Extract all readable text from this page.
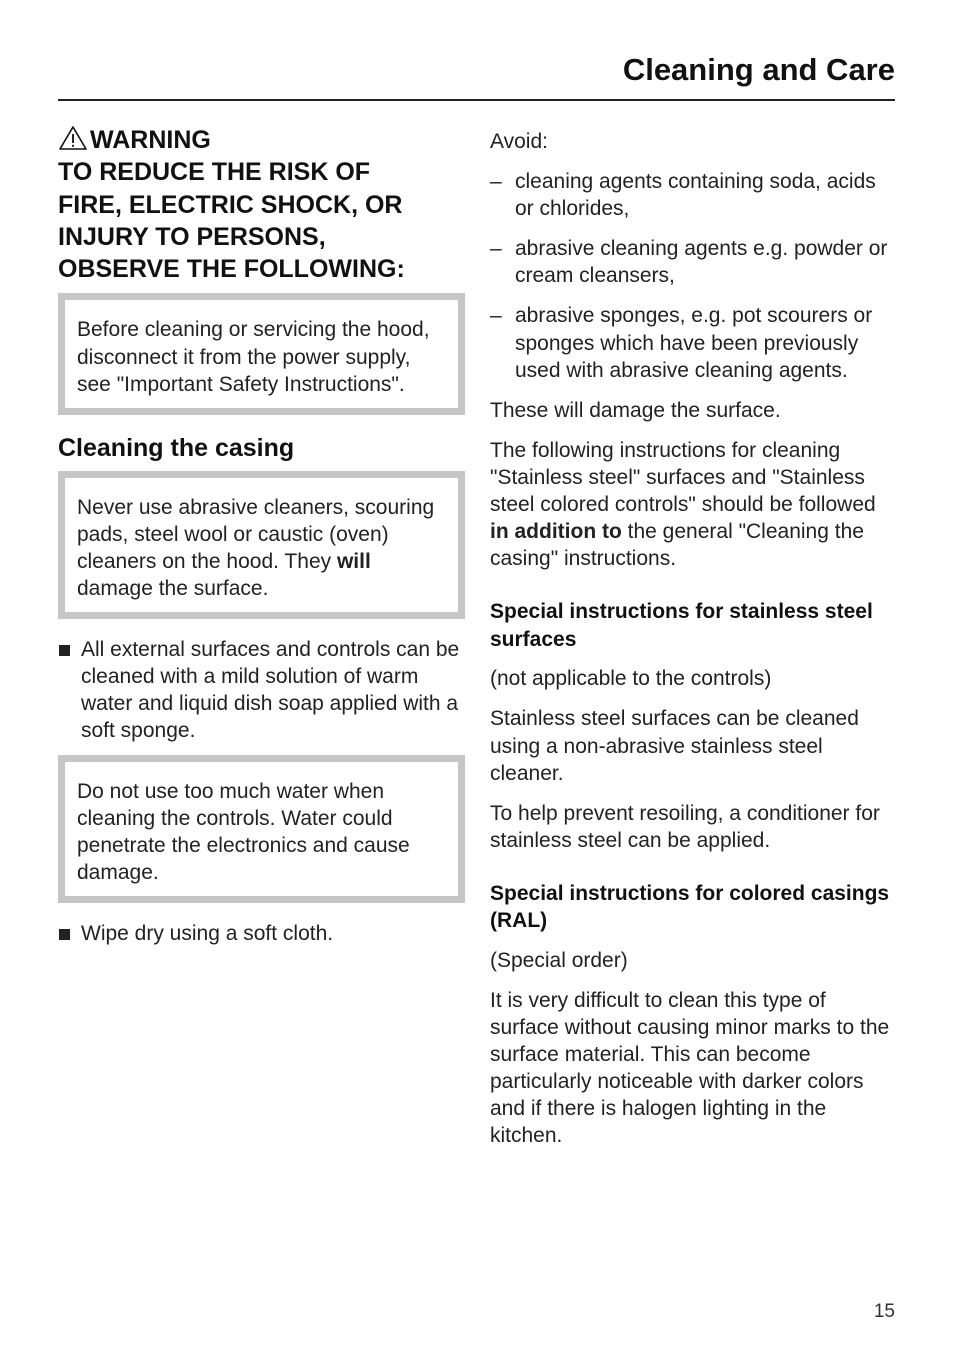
Cleaning and Care
WARNING
TO REDUCE THE RISK OF
FIRE, ELECTRIC SHOCK, OR
INJURY TO PERSONS,
OBSERVE THE FOLLOWING:

Before cleaning or servicing the hood, disconnect it from the power supply, see "Important Safety Instructions".

Cleaning the casing

Never use abrasive cleaners, scouring pads, steel wool or caustic (oven) cleaners on the hood. They will damage the surface.

All external surfaces and controls can be cleaned with a mild solution of warm water and liquid dish soap applied with a soft sponge.

Do not use too much water when cleaning the controls. Water could penetrate the electronics and cause damage.

Wipe dry using a soft cloth.

Avoid:

– cleaning agents containing soda, acids or chlorides,
– abrasive cleaning agents e.g. powder or cream cleansers,
– abrasive sponges, e.g. pot scourers or sponges which have been previously used with abrasive cleaning agents.

These will damage the surface.

The following instructions for cleaning "Stainless steel" surfaces and "Stainless steel colored controls" should be followed in addition to the general "Cleaning the casing" instructions.

Special instructions for stainless steel surfaces

(not applicable to the controls)

Stainless steel surfaces can be cleaned using a non-abrasive stainless steel cleaner.

To help prevent resoiling, a conditioner for stainless steel can be applied.

Special instructions for colored casings (RAL)

(Special order)

It is very difficult to clean this type of surface without causing minor marks to the surface material. This can become particularly noticeable with darker colors and if there is halogen lighting in the kitchen.

15
